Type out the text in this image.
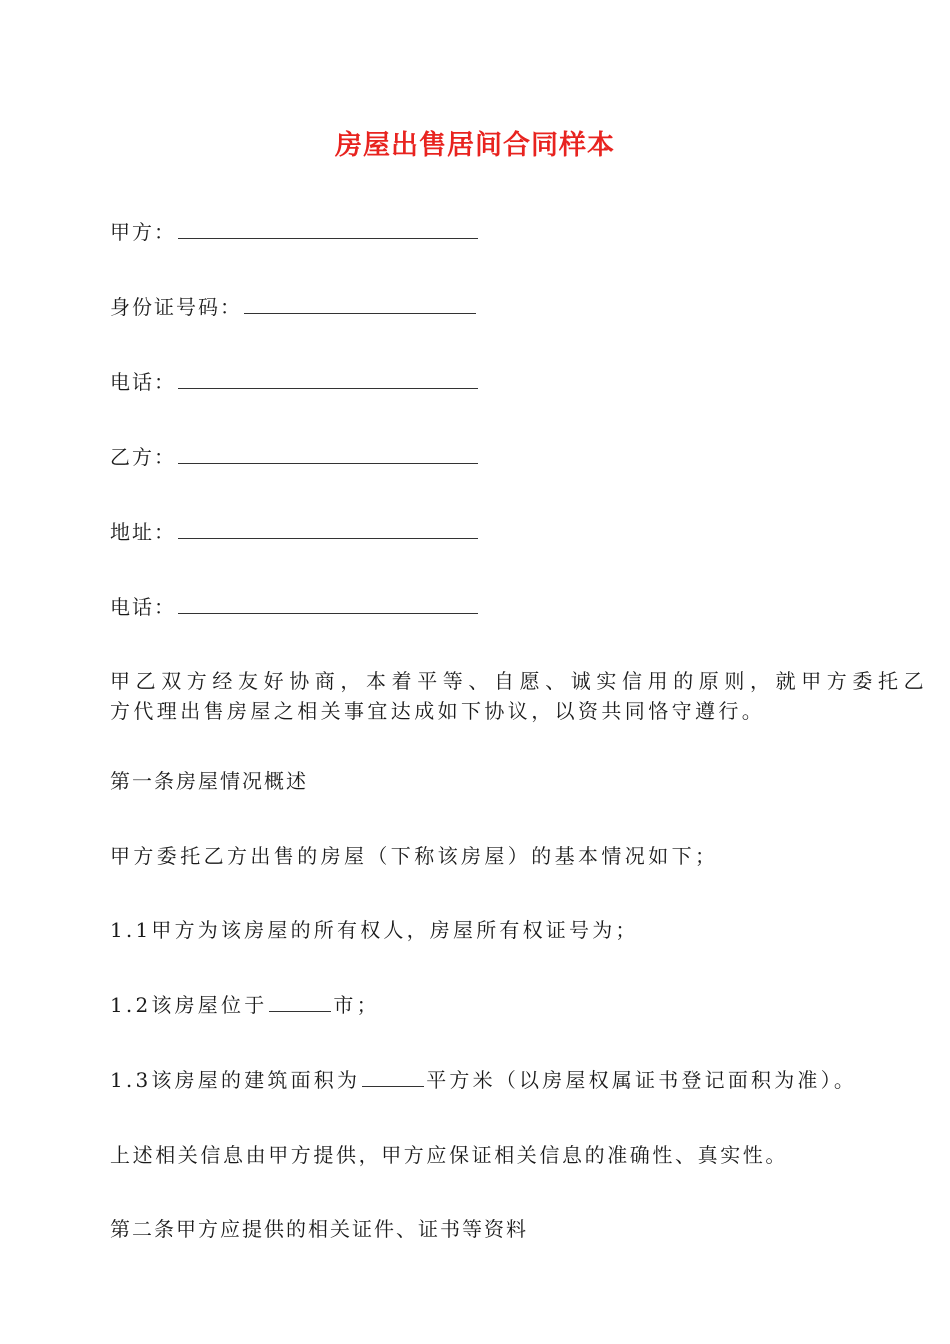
房屋出售居间合同样本
甲方：
身份证号码：
电话：
乙方：
地址：
电话：
甲乙双方经友好协商，本着平等、自愿、诚实信用的原则，就甲方委托乙
方代理出售房屋之相关事宜达成如下协议，以资共同恪守遵行。
第一条房屋情况概述
甲方委托乙方出售的房屋（下称该房屋）的基本情况如下；
1.1甲方为该房屋的所有权人，房屋所有权证号为；
1.2该房屋位于	市；
1.3该房屋的建筑面积为	平方米（以房屋权属证书登记面积为准）。
上述相关信息由甲方提供，甲方应保证相关信息的准确性、真实性。
第二条甲方应提供的相关证件、证书等资料
